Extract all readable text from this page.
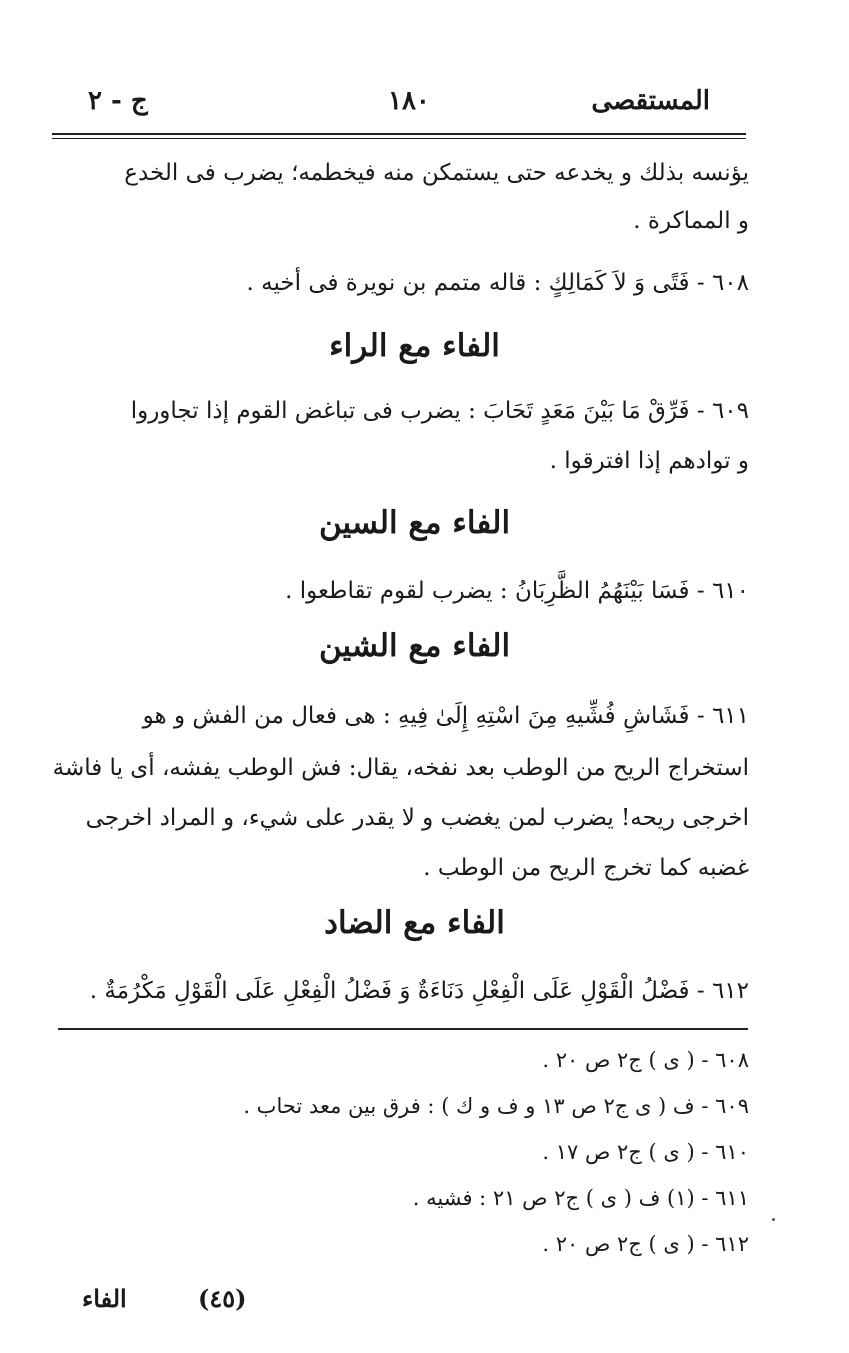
المستقصى
١٨٠
ج - ٢
يؤنسه بذلك و يخدعه حتى يستمكن منه فيخطمه؛ يضرب فى الخدع
و المماكرة .
٦٠٨ - فَتًى وَ لاَ كَمَالِكٍ : قاله متمم بن نويرة فى أخيه .
الفاء مع الراء
٦٠٩ - فَرِّقْ مَا بَيْنَ مَعَدٍ تَحَابَ : يضرب فى تباغض القوم إذا تجاوروا
و توادهم إذا افترقوا .
الفاء مع السين
٦١٠ - فَسَا بَيْنَهُمُ الظَّرِبَانُ : يضرب لقوم تقاطعوا .
الفاء مع الشين
٦١١ - فَشَاشِ فُشِّيهِ مِنَ اسْتِهِ إِلَىٰ فِيهِ : هى فعال من الفش و هو
استخراج الريح من الوطب بعد نفخه، يقال: فش الوطب يفشه، أى يا فاشة
اخرجى ريحه! يضرب لمن يغضب و لا يقدر على شيء، و المراد اخرجى
غضبه كما تخرج الريح من الوطب .
الفاء مع الضاد
٦١٢ - فَضْلُ الْقَوْلِ عَلَى الْفِعْلِ دَنَاءَةٌ وَ فَضْلُ الْفِعْلِ عَلَى الْقَوْلِ مَكْرُمَةٌ .
٦٠٨ - ( ى ) ج٢ ص ٢٠ .
٦٠٩ - ف ( ى ج٢ ص ١٣ و ف و ك ) : فرق بين معد تحاب .
٦١٠ - ( ى ) ج٢ ص ١٧ .
٦١١ - (١) ف ( ى ) ج٢ ص ٢١ : فشيه .
٦١٢ - ( ى ) ج٢ ص ٢٠ .
(٤٥)
الفاء
